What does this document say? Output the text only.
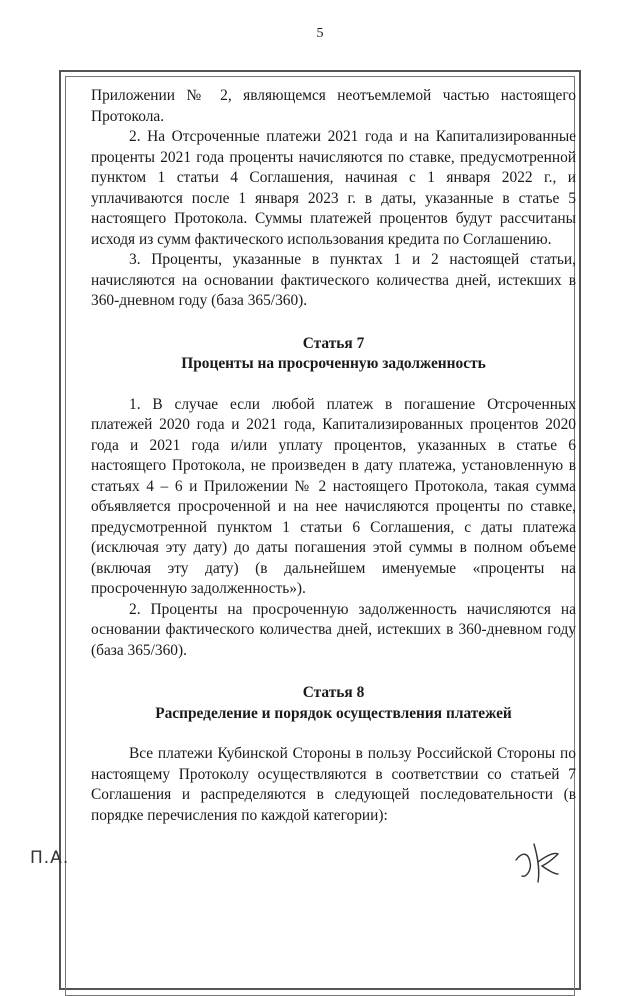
5

Приложении № 2, являющемся неотъемлемой частью настоящего Протокола.

2. На Отсроченные платежи 2021 года и на Капитализированные проценты 2021 года проценты начисляются по ставке, предусмотренной пунктом 1 статьи 4 Соглашения, начиная с 1 января 2022 г., и уплачиваются после 1 января 2023 г. в даты, указанные в статье 5 настоящего Протокола. Суммы платежей процентов будут рассчитаны исходя из сумм фактического использования кредита по Соглашению.

3. Проценты, указанные в пунктах 1 и 2 настоящей статьи, начисляются на основании фактического количества дней, истекших в 360-дневном году (база 365/360).

Статья 7

Проценты на просроченную задолженность

1. В случае если любой платеж в погашение Отсроченных платежей 2020 года и 2021 года, Капитализированных процентов 2020 года и 2021 года и/или уплату процентов, указанных в статье 6 настоящего Протокола, не произведен в дату платежа, установленную в статьях 4 – 6 и Приложении № 2 настоящего Протокола, такая сумма объявляется просроченной и на нее начисляются проценты по ставке, предусмотренной пунктом 1 статьи 6 Соглашения, с даты платежа (исключая эту дату) до даты погашения этой суммы в полном объеме (включая эту дату) (в дальнейшем именуемые «проценты на просроченную задолженность»).

2. Проценты на просроченную задолженность начисляются на основании фактического количества дней, истекших в 360-дневном году (база 365/360).

Статья 8

Распределение и порядок осуществления платежей

Все платежи Кубинской Стороны в пользу Российской Стороны по настоящему Протоколу осуществляются в соответствии со статьей 7 Соглашения и распределяются в следующей последовательности (в порядке перечисления по каждой категории):

П.А.
